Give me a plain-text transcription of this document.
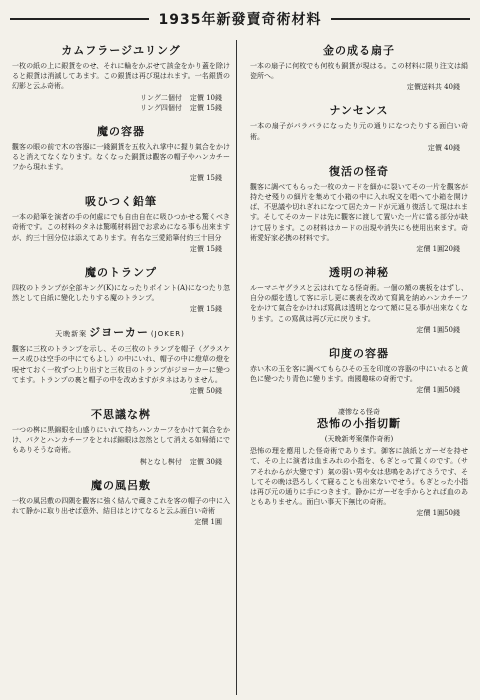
1935年新發賣奇術材料

カムフラージユリング

一枚の紙の上に銀貨をのせ、それに輪をかぶせて該金をかり蓋を除けると銀貨は消滅してあます。この銀貨は再び現はれます。一名銀貨の幻影と云ふ奇術。

リング二個付 定價 10錢
リング四個付 定價 15錢

魔の容器

觀客の眼の前で木の容器に一錢銅貨を五枚入れ掌中に握り氣合をかけると消えてなくなります。なくなった銅貨は觀客の帽子やハンカチーフから現れます。

定價 15錢

吸ひつく鉛筆

一本の鉛筆を演者の手の何處にでも自由自在に吸ひつかせる驚くべき奇術です。この材料のタネは驚嘆材料固でお求めになる事も出來ますが、約三十回分位は添えてあります。有名な三愛鉛筆付約三十回分

定價 15錢

魔のトランプ

四枚のトランプが全部キング(K)になったりポイント(A)になつたり忽然として自紙に變化したりする魔のトランプ。

定價 15錢

天晩新案 ジヨーカー (JOKER)

觀客に三枚のトランプを示し、その三枚のトランプを帽子（グラスケース或ひは空手の中にてもよし）の中にいれ、帽子の中に燈草の燈を呪せておく一枚ずつ上り出すと三枚目のトランプがジヨーカーに變つてます。トランプの裏と帽子の中を改めますがタネはありません。

定價 50錢

不思議な桝

一つの桝に黒錦眼を山盛りにいれて持ちハンカーフをかけて氣合をかけ、パクとハンカチーフをとれば錦眼は忽然として消える如帰綃にでもありそうな奇術。

桝となし桝付 定價 30錢

魔の風呂敷

一枚の風呂敷の四隅を觀客に強く結んで蔵きこれを客の帽子の中に入れて静かに取り出せば意外、結目はとけてなると云ふ面白い奇術

定價 1圓

金の成る扇子

一本の扇子に何枚でも何枚も銅貨が現はる。この材料に限り注文は絹瓷所へ。

定價送料共 40錢

ナンセンス

一本の扇子がバラバラになったり元の通りになつたりする面白い奇術。

定價 40錢

復活の怪奇

觀客に調べてもらった一枚のカードを細かに裂いてその一片を觀客が持たせ殘りの細片を集めて小箱の中に入れ呪文を唱へて小箱を開けば、不思議や切れぎれになつて居たカードが元通り復活して現はれます。そしてそのカードは先に觀客に渡して置いた一片に當る部分が缺けて居ります。この材料はカードの出現や消失にも使用出來ます。奇術愛好家必携の材料です。

定價 1圓20錢

透明の神秘

ルーマニヤグラスと云はれてなる怪奇術。一個の額の裏板をはずし、自分の顔を透して客に示し更に裏表を改めて寫眞を納めハンカチーフをかけて氣合をかければ寫眞は透明となつて額に見る事が出來なくなります。この寫眞は再び元に戻ります。

定價 1圓50錢

印度の容器

赤い木の玉を客に調べてもらひその玉を印度の容器の中にいれると黄色に變つたり青色に變ります。南國趣味の奇術です。

定價 1圓50錢

凄惨なる怪奇

恐怖の小指切斷

(天晩新考案傑作奇術)

恐怖の理を應用した怪奇術であります。御客に該紙とガーゼを持せて、その上に演者は血まみれの小指を、もぎとって置くのです。（サアそれからが大變です）氣の弱い男や女は悲鳴をあげてさうです、そしてその晩は恐ろしくて寢ることも出來ないでせう。もぎとった小指は再び元の通りに手につきます。静かにガーゼを手からとれば血のあともありません。面白い事天下無比の奇術。

定價 1圓50錢
